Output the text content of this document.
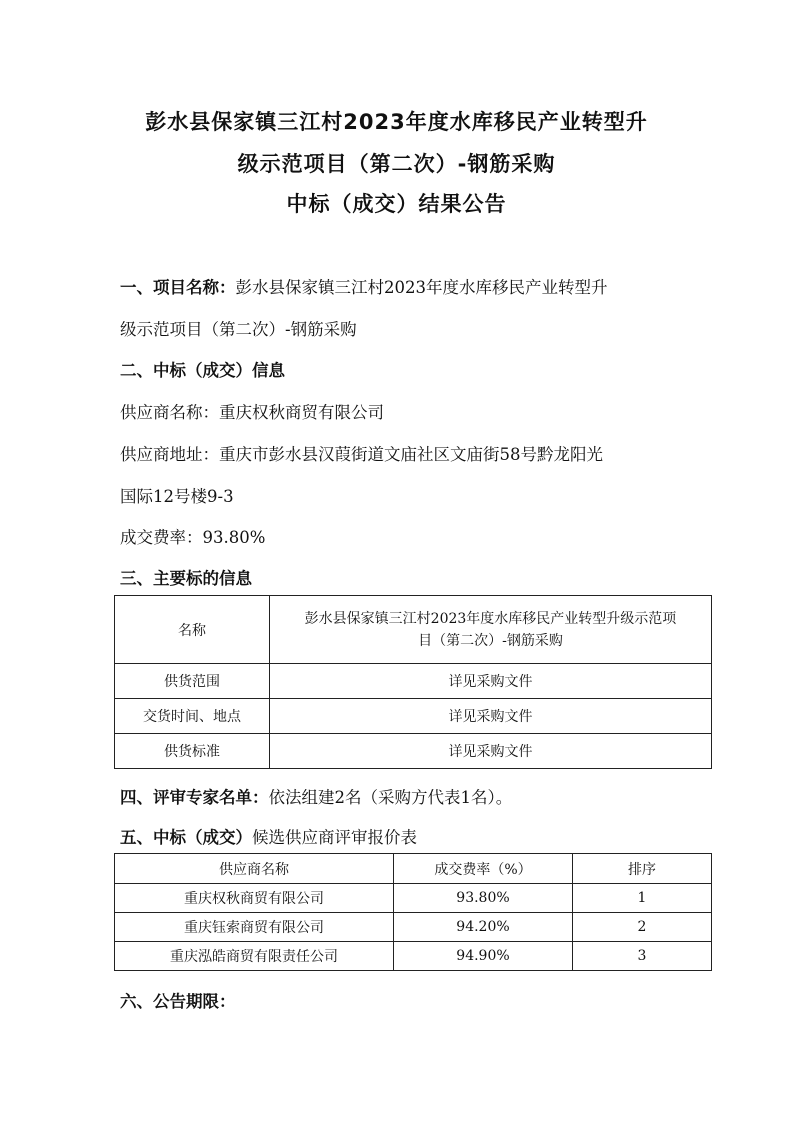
彭水县保家镇三江村2023年度水库移民产业转型升
级示范项目（第二次）-钢筋采购
中标（成交）结果公告
一、项目名称：彭水县保家镇三江村2023年度水库移民产业转型升
级示范项目（第二次）-钢筋采购
二、中标（成交）信息
供应商名称：重庆权秋商贸有限公司
供应商地址：重庆市彭水县汉葭街道文庙社区文庙街58号黔龙阳光
国际12号楼9-3
成交费率：93.80%
三、主要标的信息
名称	彭水县保家镇三江村2023年度水库移民产业转型升级示范项
目（第二次）-钢筋采购

供货范围	详见采购文件
交货时间、地点	详见采购文件
供货标准	详见采购文件
四、评审专家名单：依法组建2名（采购方代表1名）。
五、中标（成交）候选供应商评审报价表
供应商名称	成交费率（%）	排序
重庆权秋商贸有限公司	93.80%	1
重庆钰索商贸有限公司	94.20%	2
重庆泓皓商贸有限责任公司	94.90%	3
六、公告期限：
